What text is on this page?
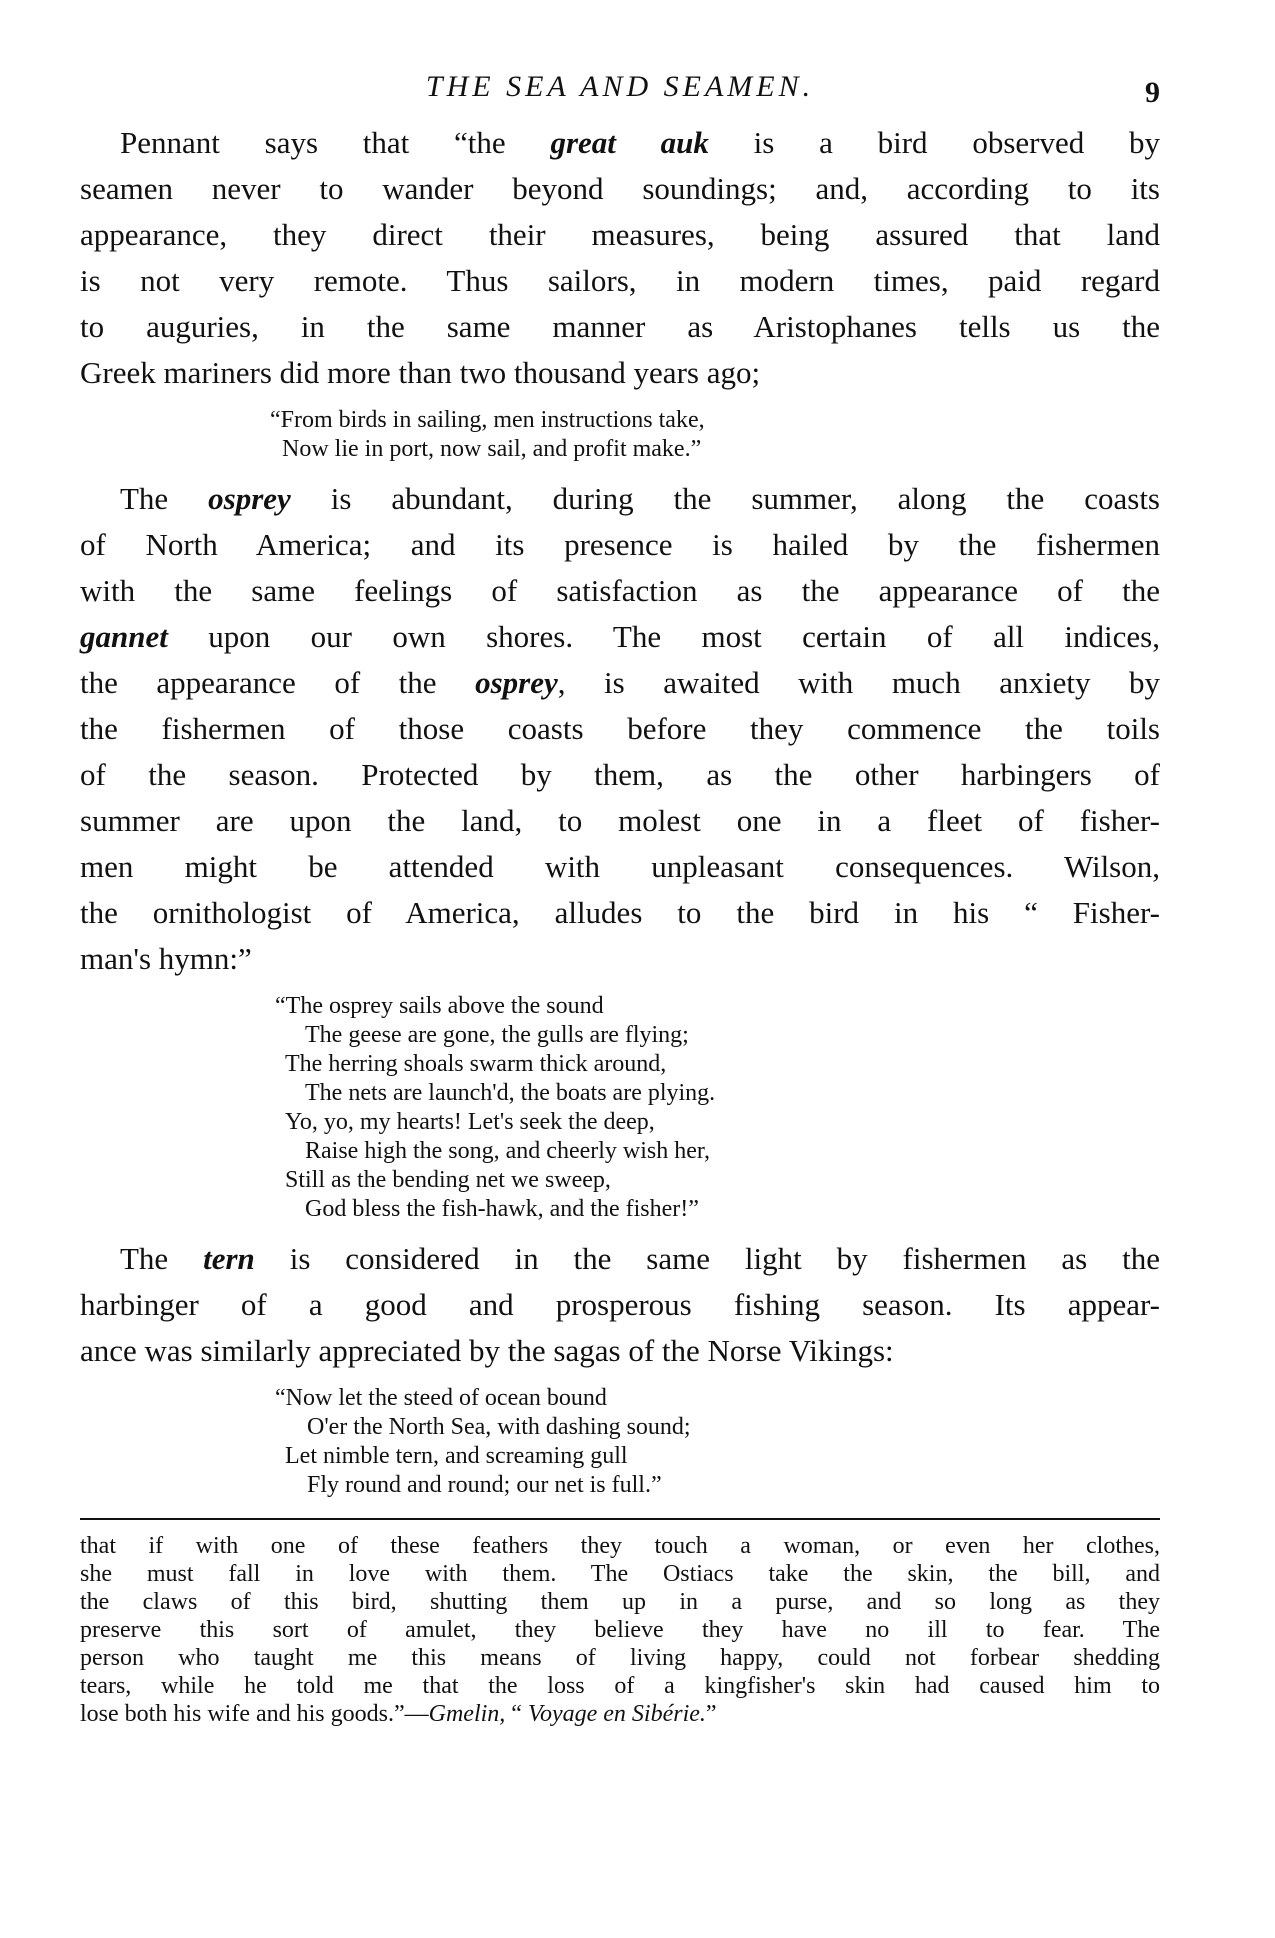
THE SEA AND SEAMEN.	9

Pennant says that “the great auk is a bird observed by
seamen never to wander beyond soundings; and, according to its
appearance, they direct their measures, being assured that land
is not very remote. Thus sailors, in modern times, paid regard
to auguries, in the same manner as Aristophanes tells us the
Greek mariners did more than two thousand years ago;

“From birds in sailing, men instructions take,
Now lie in port, now sail, and profit make.”

The osprey is abundant, during the summer, along the coasts
of North America; and its presence is hailed by the fishermen
with the same feelings of satisfaction as the appearance of the
gannet upon our own shores. The most certain of all indices,
the appearance of the osprey, is awaited with much anxiety by
the fishermen of those coasts before they commence the toils
of the season. Protected by them, as the other harbingers of
summer are upon the land, to molest one in a fleet of fisher-
men might be attended with unpleasant consequences. Wilson,
the ornithologist of America, alludes to the bird in his “ Fisher-
man's hymn:”

“The osprey sails above the sound
The geese are gone, the gulls are flying;
The herring shoals swarm thick around,
The nets are launch'd, the boats are plying.
Yo, yo, my hearts! Let's seek the deep,
Raise high the song, and cheerly wish her,
Still as the bending net we sweep,
God bless the fish-hawk, and the fisher!”

The tern is considered in the same light by fishermen as the
harbinger of a good and prosperous fishing season. Its appear-
ance was similarly appreciated by the sagas of the Norse Vikings:

“Now let the steed of ocean bound
O'er the North Sea, with dashing sound;
Let nimble tern, and screaming gull
Fly round and round; our net is full.”

that if with one of these feathers they touch a woman, or even her clothes,
she must fall in love with them. The Ostiacs take the skin, the bill, and
the claws of this bird, shutting them up in a purse, and so long as they
preserve this sort of amulet, they believe they have no ill to fear. The
person who taught me this means of living happy, could not forbear shedding
tears, while he told me that the loss of a kingfisher's skin had caused him to
lose both his wife and his goods.”—Gmelin, “ Voyage en Sibérie.”
